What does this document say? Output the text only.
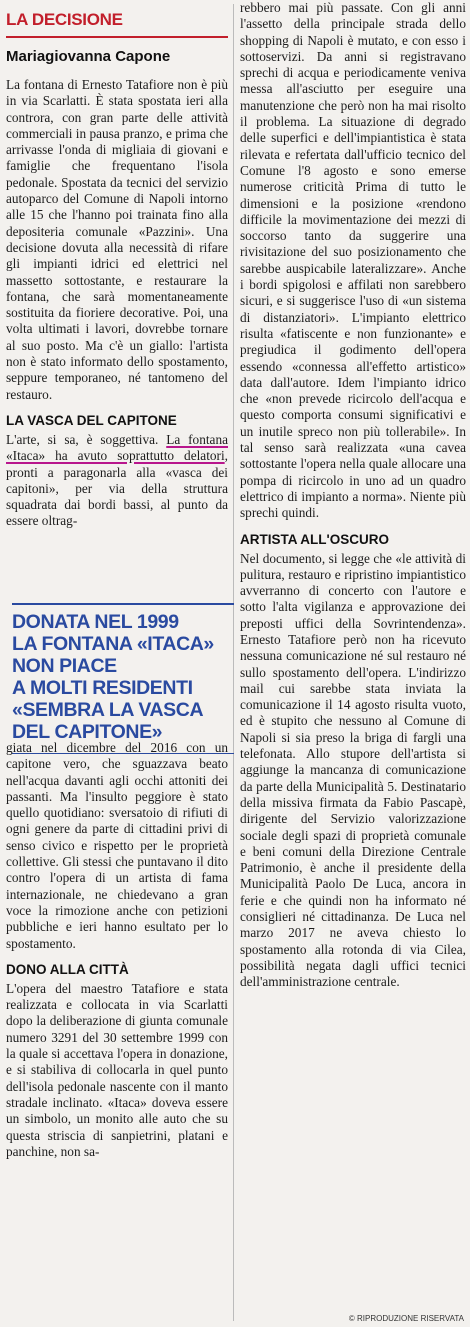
LA DECISIONE
Mariagiovanna Capone

La fontana di Ernesto Tatafiore non è più in via Scarlatti. È stata spostata ieri alla controra, con gran parte delle attività commerciali in pausa pranzo, e prima che arrivasse l'onda di migliaia di giovani e famiglie che frequentano l'isola pedonale. Spostata da tecnici del servizio autoparco del Comune di Napoli intorno alle 15 che l'hanno poi trainata fino alla depositeria comunale «Pazzini». Una decisione dovuta alla necessità di rifare gli impianti idrici ed elettrici nel massetto sottostante, e restaurare la fontana, che sarà momentaneamente sostituita da fioriere decorative. Poi, una volta ultimati i lavori, dovrebbe tornare al suo posto. Ma c'è un giallo: l'artista non è stato informato dello spostamento, seppure temporaneo, né tantomeno del restauro.

LA VASCA DEL CAPITONE

L'arte, si sa, è soggettiva. La fontana «Itaca» ha avuto soprattutto delatori, pronti a paragonarla alla «vasca dei capitoni», per via della struttura squadrata dai bordi bassi, al punto da essere oltrag-

DONATA NEL 1999
LA FONTANA «ITACA»
NON PIACE
A MOLTI RESIDENTI
«SEMBRA LA VASCA
DEL CAPITONE»

giata nel dicembre del 2016 con un capitone vero, che sguazzava beato nell'acqua davanti agli occhi attoniti dei passanti. Ma l'insulto peggiore è stato quello quotidiano: sversatoio di rifiuti di ogni genere da parte di cittadini privi di senso civico e rispetto per le proprietà collettive. Gli stessi che puntavano il dito contro l'opera di un artista di fama internazionale, ne chiedevano a gran voce la rimozione anche con petizioni pubbliche e ieri hanno esultato per lo spostamento.

DONO ALLA CITTÀ

L'opera del maestro Tatafiore e stata realizzata e collocata in via Scarlatti dopo la deliberazione di giunta comunale numero 3291 del 30 settembre 1999 con la quale si accettava l'opera in donazione, e si stabiliva di collocarla in quel punto dell'isola pedonale nascente con il manto stradale inclinato. «Itaca» doveva essere un simbolo, un monito alle auto che su questa striscia di sanpietrini, platani e panchine, non sa-

rebbero mai più passate. Con gli anni l'assetto della principale strada dello shopping di Napoli è mutato, e con esso i sottoservizi. Da anni si registravano sprechi di acqua e periodicamente veniva messa all'asciutto per eseguire una manutenzione che però non ha mai risolto il problema. La situazione di degrado delle superfici e dell'impiantistica è stata rilevata e refertata dall'ufficio tecnico del Comune l'8 agosto e sono emerse numerose criticità Prima di tutto le dimensioni e la posizione «rendono difficile la movimentazione dei mezzi di soccorso tanto da suggerire una rivisitazione del suo posizionamento che sarebbe auspicabile lateralizzare». Anche i bordi spigolosi e affilati non sarebbero sicuri, e si suggerisce l'uso di «un sistema di distanziatori». L'impianto elettrico risulta «fatiscente e non funzionante» e pregiudica il godimento dell'opera essendo «connessa all'effetto artistico» data dall'autore. Idem l'impianto idrico che «non prevede ricircolo dell'acqua e questo comporta consumi significativi e un inutile spreco non più tollerabile». In tal senso sarà realizzata «una cavea sottostante l'opera nella quale allocare una pompa di ricircolo in uno ad un quadro elettrico di impianto a norma». Niente più sprechi quindi.

ARTISTA ALL'OSCURO

Nel documento, si legge che «le attività di pulitura, restauro e ripristino impiantistico avverranno di concerto con l'autore e sotto l'alta vigilanza e approvazione dei preposti uffici della Sovrintendenza». Ernesto Tatafiore però non ha ricevuto nessuna comunicazione né sul restauro né sullo spostamento dell'opera. L'indirizzo mail cui sarebbe stata inviata la comunicazione il 14 agosto risulta vuoto, ed è stupito che nessuno al Comune di Napoli si sia preso la briga di fargli una telefonata. Allo stupore dell'artista si aggiunge la mancanza di comunicazione da parte della Municipalità 5. Destinatario della missiva firmata da Fabio Pascapè, dirigente del Servizio valorizzazione sociale degli spazi di proprietà comunale e beni comuni della Direzione Centrale Patrimonio, è anche il presidente della Municipalità Paolo De Luca, ancora in ferie e che quindi non ha informato né consiglieri né cittadinanza. De Luca nel marzo 2017 ne aveva chiesto lo spostamento alla rotonda di via Cilea, possibilità negata dagli uffici tecnici dell'amministrazione centrale.

© RIPRODUZIONE RISERVATA
